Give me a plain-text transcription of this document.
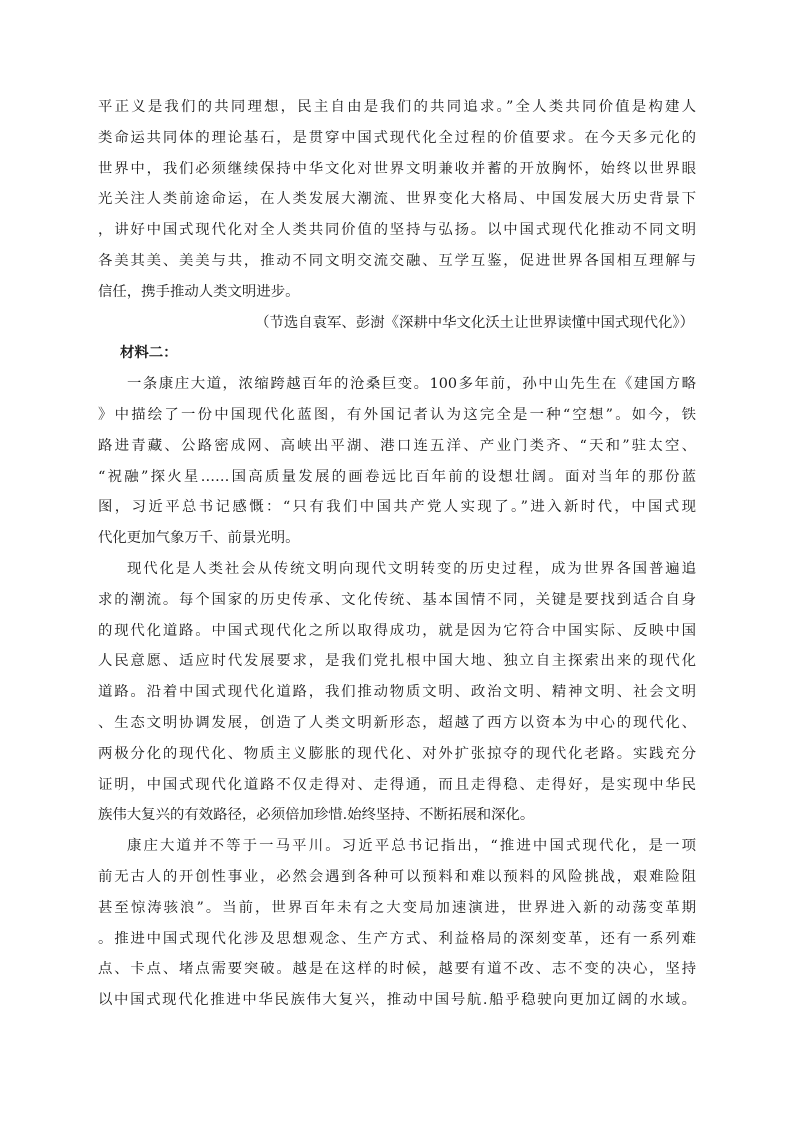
平正义是我们的共同理想，民主自由是我们的共同追求。”全人类共同价值是构建人
类命运共同体的理论基石，是贯穿中国式现代化全过程的价值要求。在今天多元化的
世界中，我们必须继续保持中华文化对世界文明兼收并蓄的开放胸怀，始终以世界眼
光关注人类前途命运，在人类发展大潮流、世界变化大格局、中国发展大历史背景下
，讲好中国式现代化对全人类共同价值的坚持与弘扬。以中国式现代化推动不同文明
各美其美、美美与共，推动不同文明交流交融、互学互鉴，促进世界各国相互理解与
信任，携手推动人类文明进步。
（节选自袁军、彭澍《深耕中华文化沃土让世界读懂中国式现代化》）
材料二：
一条康庄大道，浓缩跨越百年的沧桑巨变。100多年前，孙中山先生在《建国方略
》中描绘了一份中国现代化蓝图，有外国记者认为这完全是一种“空想”。如今，铁
路进青藏、公路密成网、高峡出平湖、港口连五洋、产业门类齐、“天和”驻太空、
“祝融”探火星……国高质量发展的画卷远比百年前的设想壮阔。面对当年的那份蓝
图，习近平总书记感慨：“只有我们中国共产党人实现了。”进入新时代，中国式现
代化更加气象万千、前景光明。
现代化是人类社会从传统文明向现代文明转变的历史过程，成为世界各国普遍追
求的潮流。每个国家的历史传承、文化传统、基本国情不同，关键是要找到适合自身
的现代化道路。中国式现代化之所以取得成功，就是因为它符合中国实际、反映中国
人民意愿、适应时代发展要求，是我们党扎根中国大地、独立自主探索出来的现代化
道路。沿着中国式现代化道路，我们推动物质文明、政治文明、精神文明、社会文明
、生态文明协调发展，创造了人类文明新形态，超越了西方以资本为中心的现代化、
两极分化的现代化、物质主义膨胀的现代化、对外扩张掠夺的现代化老路。实践充分
证明，中国式现代化道路不仅走得对、走得通，而且走得稳、走得好，是实现中华民
族伟大复兴的有效路径，必须倍加珍惜.始终坚持、不断拓展和深化。
康庄大道并不等于一马平川。习近平总书记指出，“推进中国式现代化，是一项
前无古人的开创性事业，必然会遇到各种可以预料和难以预料的风险挑战，艰难险阻
甚至惊涛骇浪”。当前，世界百年未有之大变局加速演进，世界进入新的动荡变革期
。推进中国式现代化涉及思想观念、生产方式、利益格局的深刻变革，还有一系列难
点、卡点、堵点需要突破。越是在这样的时候，越要有道不改、志不变的决心，坚持
以中国式现代化推进中华民族伟大复兴，推动中国号航.船乎稳驶向更加辽阔的水域。
